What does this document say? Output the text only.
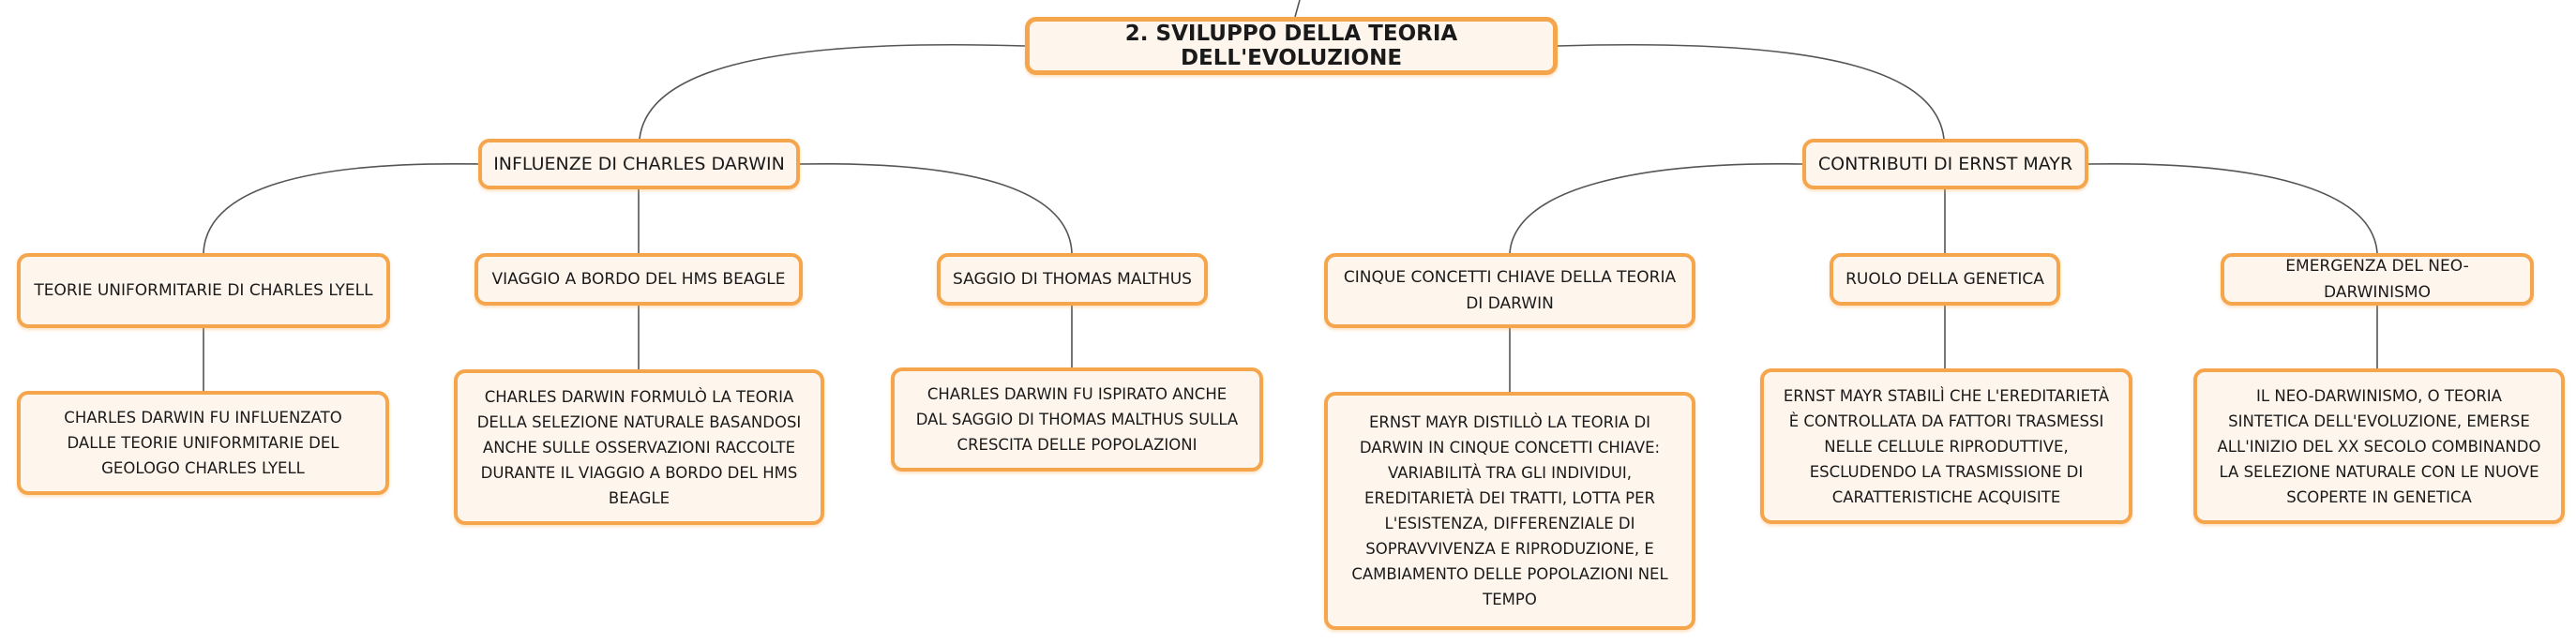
2. SVILUPPO DELLA TEORIA DELL'EVOLUZIONE
INFLUENZE DI CHARLES DARWIN	CONTRIBUTI DI ERNST MAYR
TEORIE UNIFORMITARIE DI CHARLES LYELL
VIAGGIO A BORDO DEL HMS BEAGLE	SAGGIO DI THOMAS MALTHUS	CINQUE CONCETTI CHIAVE DELLA TEORIA DI DARWIN
RUOLO DELLA GENETICA
EMERGENZA DEL NEO-DARWINISMO
CHARLES DARWIN FU INFLUENZATO DALLE TEORIE UNIFORMITARIE DEL GEOLOGO CHARLES LYELL
CHARLES DARWIN FORMULÒ LA TEORIA DELLA SELEZIONE NATURALE BASANDOSI ANCHE SULLE OSSERVAZIONI RACCOLTE DURANTE IL VIAGGIO A BORDO DEL HMS BEAGLE
CHARLES DARWIN FU ISPIRATO ANCHE DAL SAGGIO DI THOMAS MALTHUS SULLA CRESCITA DELLE POPOLAZIONI
ERNST MAYR DISTILLÒ LA TEORIA DI DARWIN IN CINQUE CONCETTI CHIAVE: VARIABILITÀ TRA GLI INDIVIDUI, EREDITARIETÀ DEI TRATTI, LOTTA PER L'ESISTENZA, DIFFERENZIALE DI SOPRAVVIVENZA E RIPRODUZIONE, E CAMBIAMENTO DELLE POPOLAZIONI NEL TEMPO
ERNST MAYR STABILÌ CHE L'EREDITARIETÀ È CONTROLLATA DA FATTORI TRASMESSI NELLE CELLULE RIPRODUTTIVE, ESCLUDENDO LA TRASMISSIONE DI CARATTERISTICHE ACQUISITE
IL NEO-DARWINISMO, O TEORIA SINTETICA DELL'EVOLUZIONE, EMERSE ALL'INIZIO DEL XX SECOLO COMBINANDO LA SELEZIONE NATURALE CON LE NUOVE SCOPERTE IN GENETICA
